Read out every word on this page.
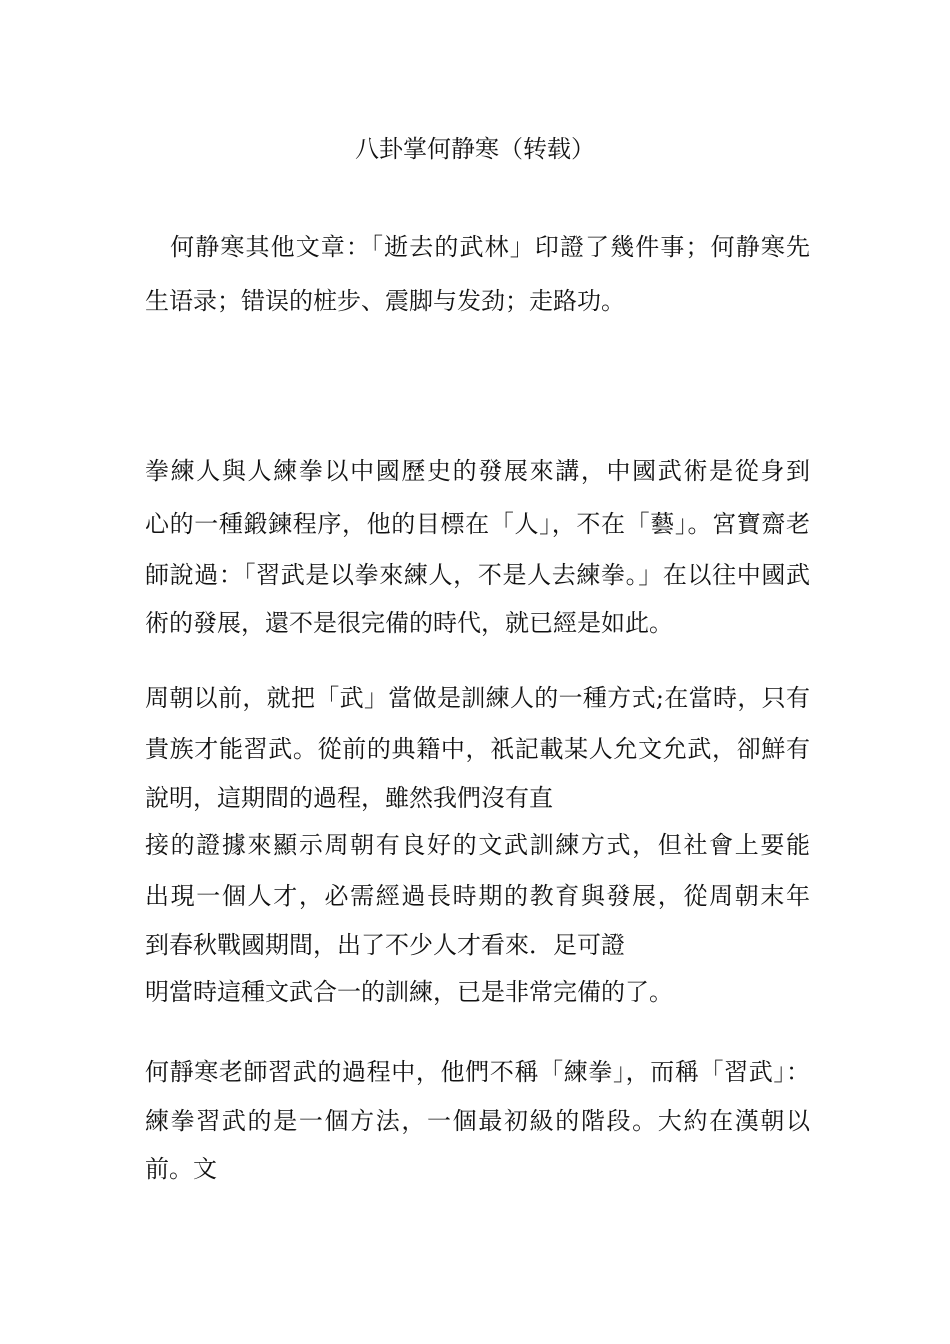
八卦掌何静寒（转载）
　何静寒其他文章：「逝去的武林」印證了幾件事；何静寒先
生语录；错误的桩步、震脚与发劲；走路功。
拳練人與人練拳以中國歷史的發展來講，中國武術是從身到
心的一種鍛鍊程序，他的目標在「人」，不在「藝」。宮寶齋老
師說過：「習武是以拳來練人，不是人去練拳。」在以往中國武
術的發展，還不是很完備的時代，就已經是如此。
周朝以前，就把「武」當做是訓練人的一種方式;在當時，只有
貴族才能習武。從前的典籍中，祇記載某人允文允武，卻鮮有
說明，這期間的過程，雖然我們沒有直
接的證據來顯示周朝有良好的文武訓練方式，但社會上要能
出現一個人才，必需經過長時期的教育與發展，從周朝末年
到春秋戰國期間，出了不少人才看來．足可證
明當時這種文武合一的訓練，已是非常完備的了。
何靜寒老師習武的過程中，他們不稱「練拳」，而稱「習武」：
練拳習武的是一個方法，一個最初級的階段。大約在漢朝以
前。文
